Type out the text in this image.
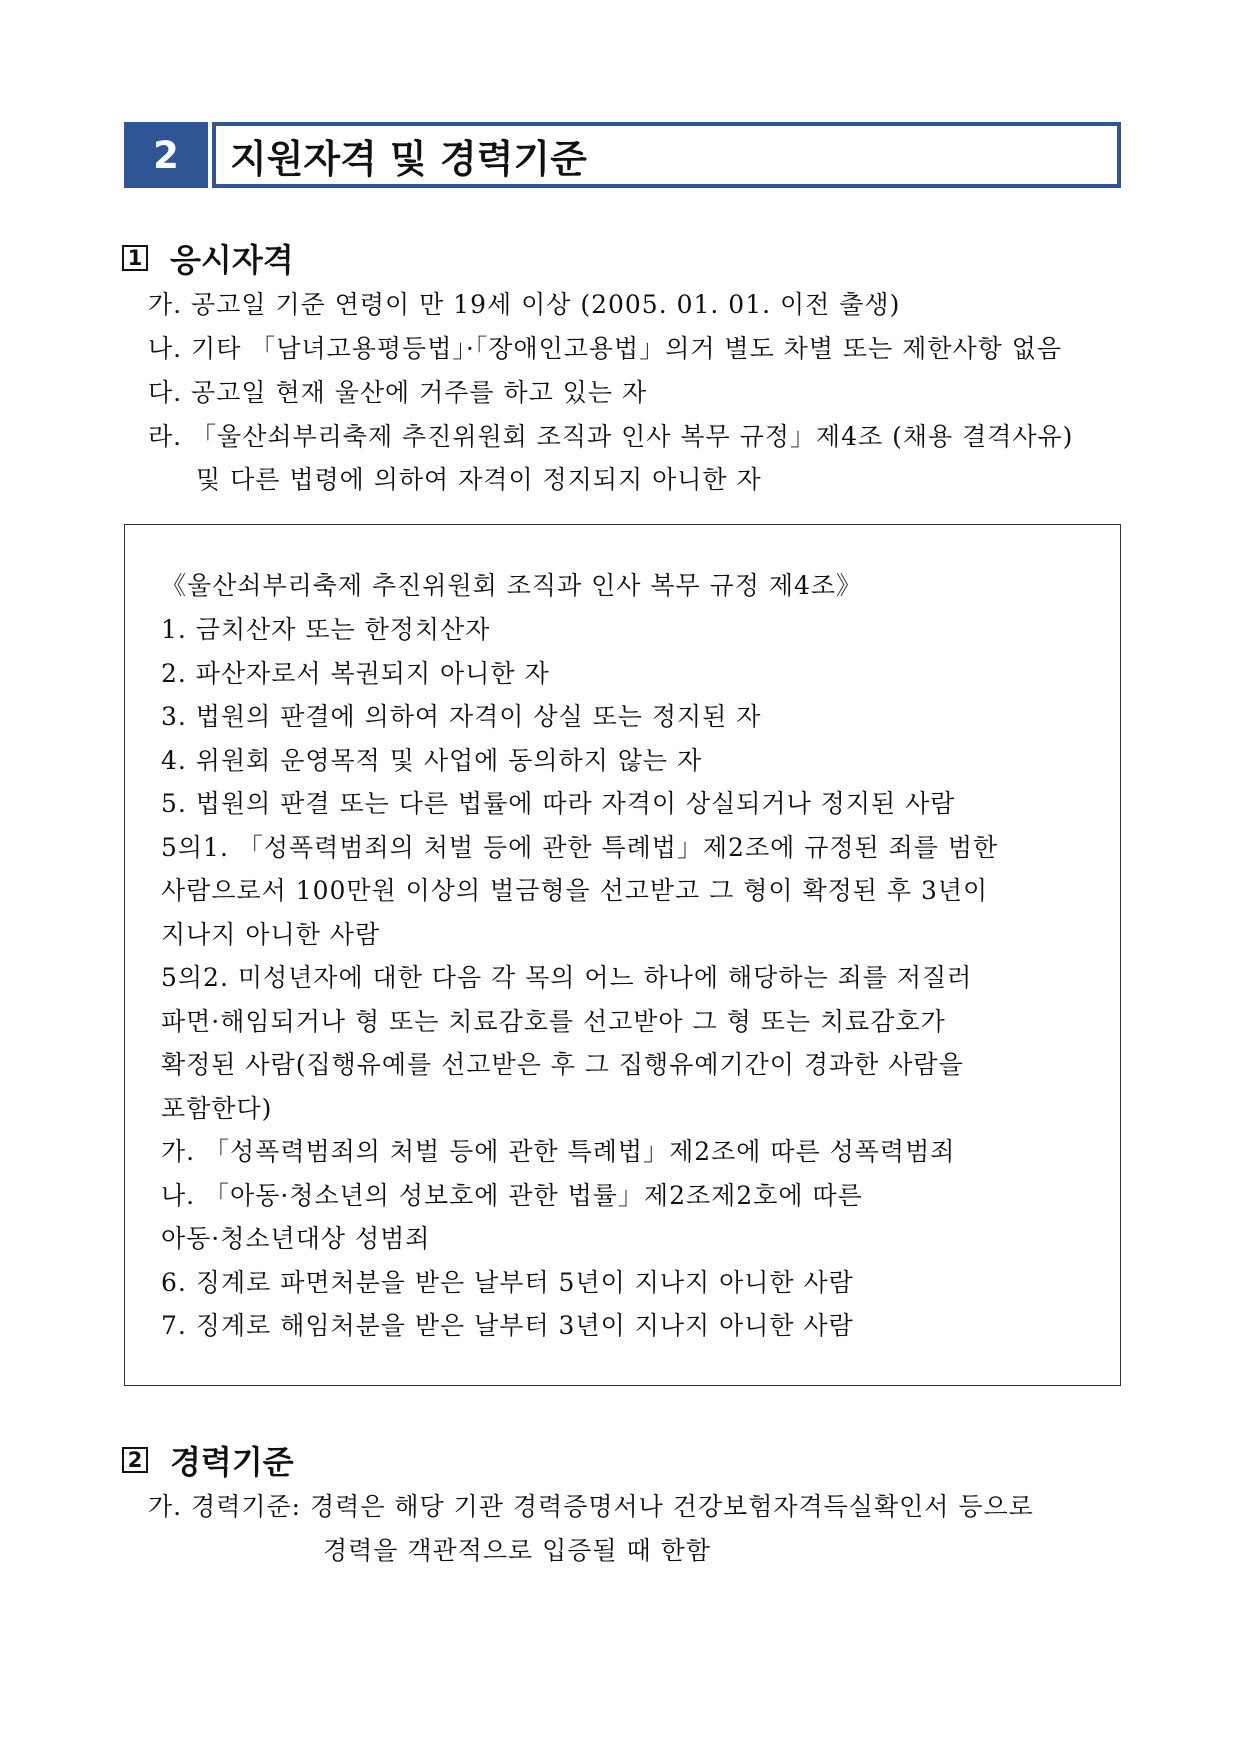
2	지원자격 및 경력기준
1 응시자격
가. 공고일 기준 연령이 만 19세 이상 (2005. 01. 01. 이전 출생)
나. 기타 「남녀고용평등법」·「장애인고용법」의거 별도 차별 또는 제한사항 없음
다. 공고일 현재 울산에 거주를 하고 있는 자
라. 「울산쇠부리축제 추진위원회 조직과 인사 복무 규정」제4조 (채용 결격사유)
및 다른 법령에 의하여 자격이 정지되지 아니한 자
《울산쇠부리축제 추진위원회 조직과 인사 복무 규정 제4조》
1. 금치산자 또는 한정치산자
2. 파산자로서 복권되지 아니한 자
3. 법원의 판결에 의하여 자격이 상실 또는 정지된 자
4. 위원회 운영목적 및 사업에 동의하지 않는 자
5. 법원의 판결 또는 다른 법률에 따라 자격이 상실되거나 정지된 사람
5의1. 「성폭력범죄의 처벌 등에 관한 특례법」제2조에 규정된 죄를 범한
사람으로서 100만원 이상의 벌금형을 선고받고 그 형이 확정된 후 3년이
지나지 아니한 사람
5의2. 미성년자에 대한 다음 각 목의 어느 하나에 해당하는 죄를 저질러
파면·해임되거나 형 또는 치료감호를 선고받아 그 형 또는 치료감호가
확정된 사람(집행유예를 선고받은 후 그 집행유예기간이 경과한 사람을
포함한다)
가. 「성폭력범죄의 처벌 등에 관한 특례법」제2조에 따른 성폭력범죄
나. 「아동·청소년의 성보호에 관한 법률」제2조제2호에 따른
아동·청소년대상 성범죄
6. 징계로 파면처분을 받은 날부터 5년이 지나지 아니한 사람
7. 징계로 해임처분을 받은 날부터 3년이 지나지 아니한 사람
2 경력기준
가. 경력기준: 경력은 해당 기관 경력증명서나 건강보험자격득실확인서 등으로
경력을 객관적으로 입증될 때 한함
